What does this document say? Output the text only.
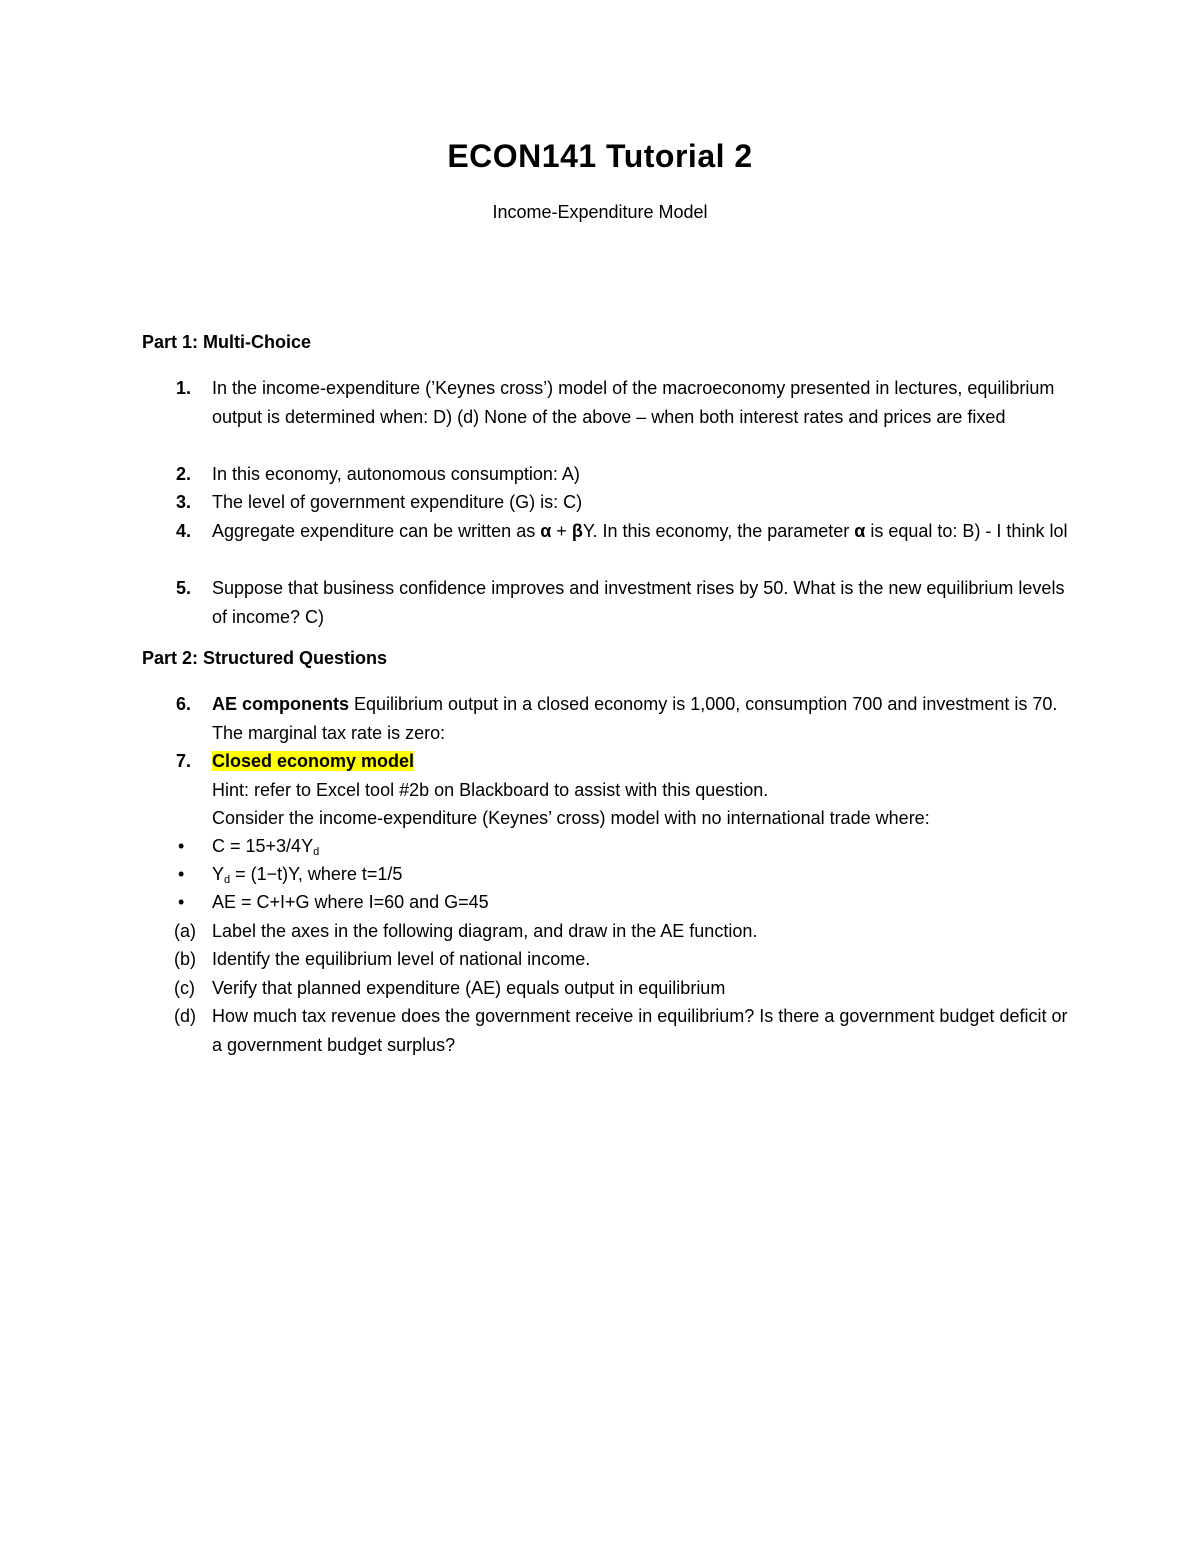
ECON141 Tutorial 2
Income-Expenditure Model
Part 1: Multi-Choice
1. In the income-expenditure (’Keynes cross’) model of the macroeconomy presented in lectures, equilibrium output is determined when: D) (d) None of the above – when both interest rates and prices are fixed
2. In this economy, autonomous consumption: A)
3. The level of government expenditure (G) is: C)
4. Aggregate expenditure can be written as α + βY. In this economy, the parameter α is equal to: B) - I think lol
5. Suppose that business confidence improves and investment rises by 50. What is the new equilibrium levels of income? C)
Part 2: Structured Questions
6. AE components Equilibrium output in a closed economy is 1,000, consumption 700 and investment is 70. The marginal tax rate is zero:
7. Closed economy model
Hint: refer to Excel tool #2b on Blackboard to assist with this question.
Consider the income-expenditure (Keynes’ cross) model with no international trade where:
• $C = 15+3/4Y_d$
• $Y_d = (1-t)Y$, where t=1/5
• AE = C+I+G where I=60 and G=45
(a) Label the axes in the following diagram, and draw in the AE function.
(b) Identify the equilibrium level of national income.
(c) Verify that planned expenditure (AE) equals output in equilibrium
(d) How much tax revenue does the government receive in equilibrium? Is there a government budget deficit or a government budget surplus?
